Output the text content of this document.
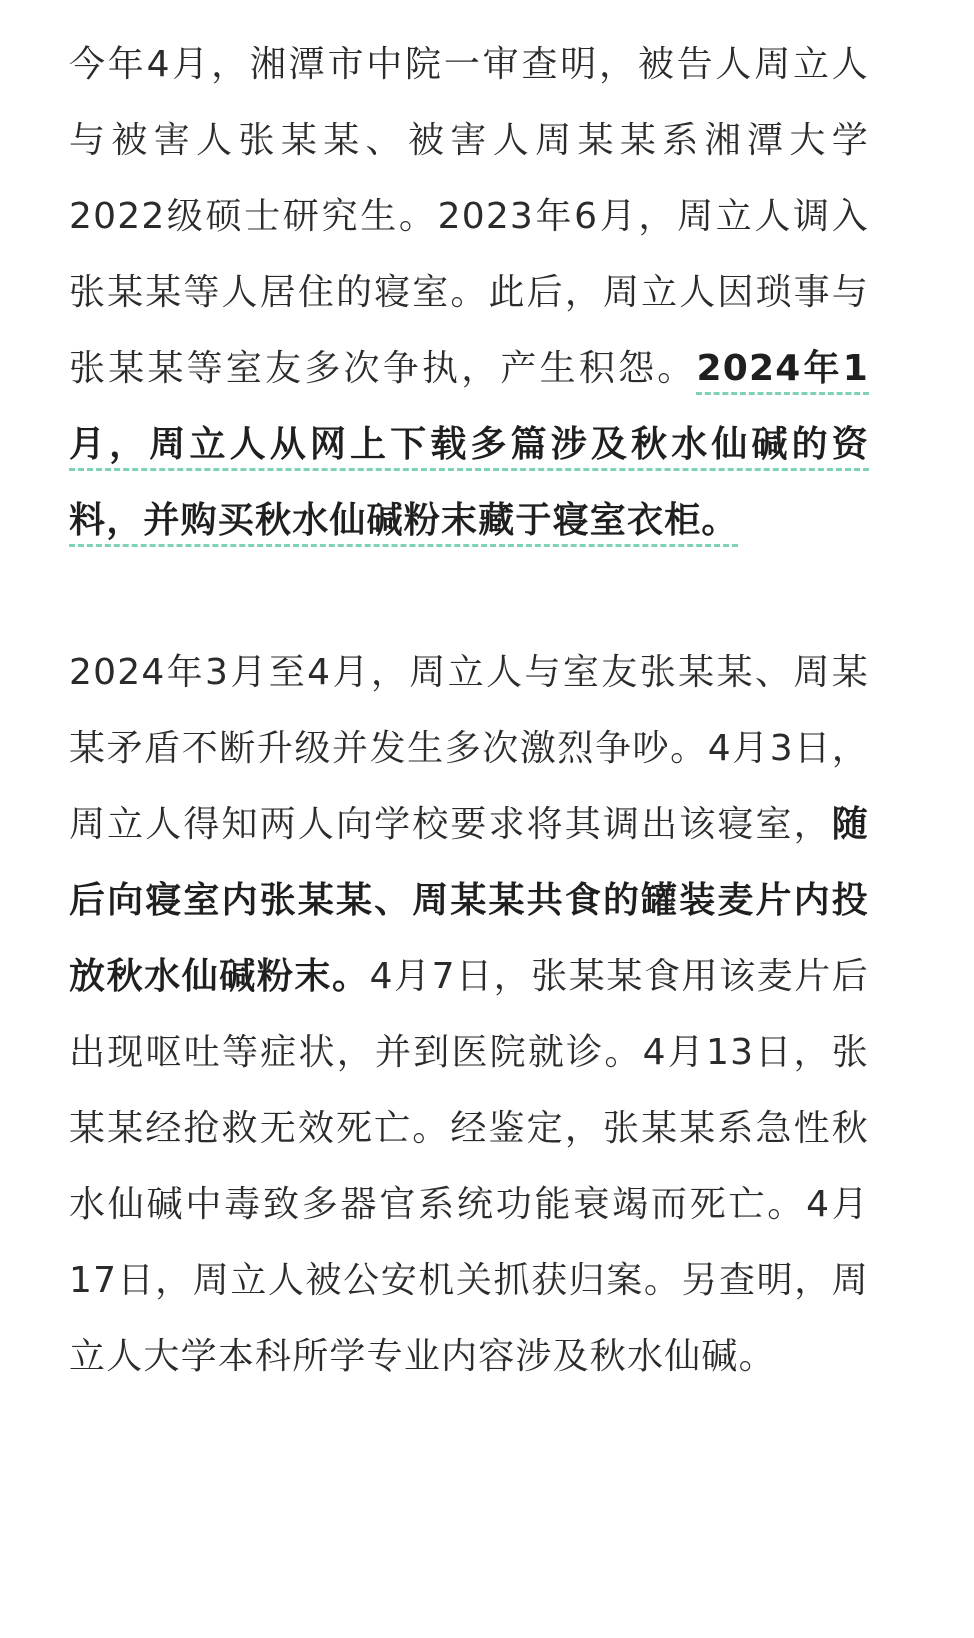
今年4月，湘潭市中院一审查明，被告人周立人与被害人张某某、被害人周某某系湘潭大学2022级硕士研究生。2023年6月，周立人调入张某某等人居住的寝室。此后，周立人因琐事与张某某等室友多次争执，产生积怨。2024年1月，周立人从网上下载多篇涉及秋水仙碱的资料，并购买秋水仙碱粉末藏于寝室衣柜。

2024年3月至4月，周立人与室友张某某、周某某矛盾不断升级并发生多次激烈争吵。4月3日，周立人得知两人向学校要求将其调出该寝室，随后向寝室内张某某、周某某共食的罐装麦片内投放秋水仙碱粉末。4月7日，张某某食用该麦片后出现呕吐等症状，并到医院就诊。4月13日，张某某经抢救无效死亡。经鉴定，张某某系急性秋水仙碱中毒致多器官系统功能衰竭而死亡。4月17日，周立人被公安机关抓获归案。另查明，周立人大学本科所学专业内容涉及秋水仙碱。
